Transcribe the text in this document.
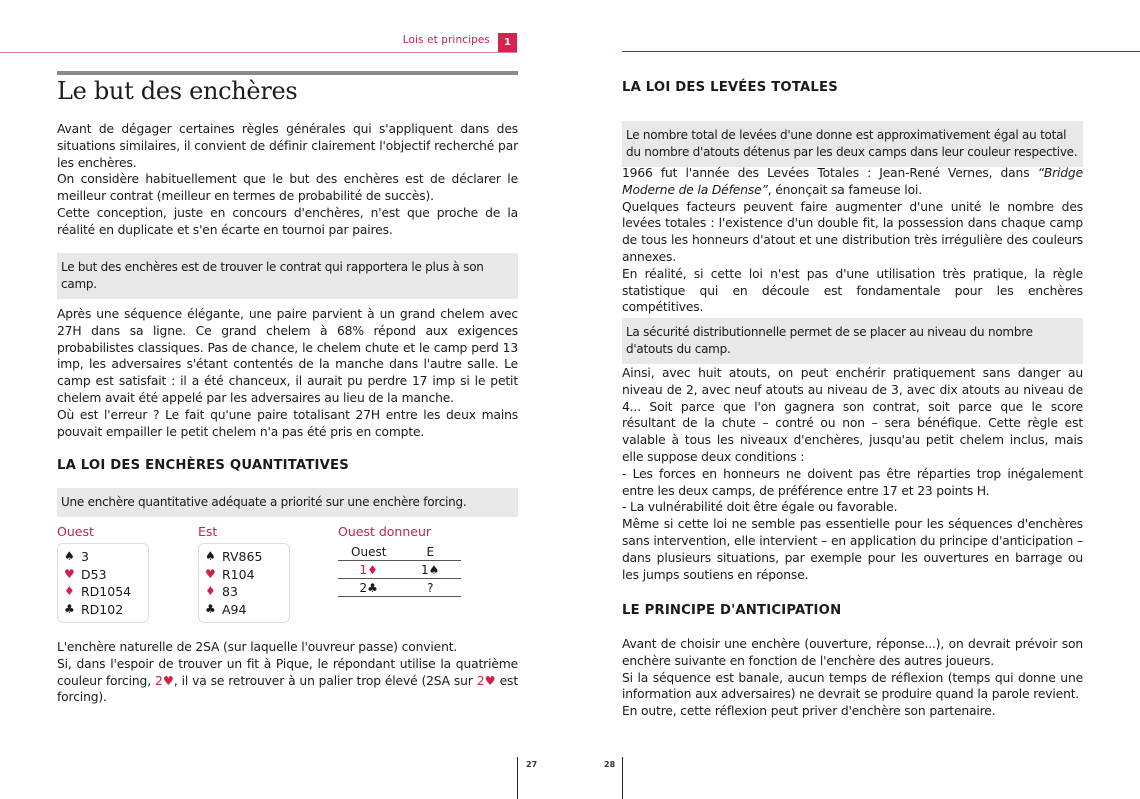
Lois et principes	1
Le but des enchères

Avant de dégager certaines règles générales qui s'appliquent dans des situations similaires, il convient de définir clairement l'objectif recherché par les enchères.
On considère habituellement que le but des enchères est de déclarer le meilleur contrat (meilleur en termes de probabilité de succès).
Cette conception, juste en concours d'enchères, n'est que proche de la réalité en duplicate et s'en écarte en tournoi par paires.

Le but des enchères est de trouver le contrat qui rapportera le plus à son camp.

Après une séquence élégante, une paire parvient à un grand chelem avec 27H dans sa ligne. Ce grand chelem à 68% répond aux exigences probabilistes classiques. Pas de chance, le chelem chute et le camp perd 13 imp, les adversaires s'étant contentés de la manche dans l'autre salle. Le camp est satisfait : il a été chanceux, il aurait pu perdre 17 imp si le petit chelem avait été appelé par les adversaires au lieu de la manche.
Où est l'erreur ? Le fait qu'une paire totalisant 27H entre les deux mains pouvait empailler le petit chelem n'a pas été pris en compte.

LA LOI DES ENCHÈRES QUANTITATIVES
Une enchère quantitative adéquate a priorité sur une enchère forcing.
Ouest
♠ 3
♥ D53
♦ RD1054
♣ RD102
Est
♠ RV865
♥ R104
♦ 83
♣ A94
Ouest donneur
Ouest	E
1♦	1♠
2♣	?

L'enchère naturelle de 2SA (sur laquelle l'ouvreur passe) convient.
Si, dans l'espoir de trouver un fit à Pique, le répondant utilise la quatrième couleur forcing, 2♥, il va se retrouver à un palier trop élevé (2SA sur 2♥ est forcing).

27
LA LOI DES LEVÉES TOTALES
Le nombre total de levées d'une donne est approximativement égal au total du nombre d'atouts détenus par les deux camps dans leur couleur respective.

1966 fut l'année des Levées Totales : Jean-René Vernes, dans “Bridge Moderne de la Défense”, énonçait sa fameuse loi.
Quelques facteurs peuvent faire augmenter d'une unité le nombre des levées totales : l'existence d'un double fit, la possession dans chaque camp de tous les honneurs d'atout et une distribution très irrégulière des couleurs annexes.
En réalité, si cette loi n'est pas d'une utilisation très pratique, la règle statistique qui en découle est fondamentale pour les enchères compétitives.

La sécurité distributionnelle permet de se placer au niveau du nombre d'atouts du camp.

Ainsi, avec huit atouts, on peut enchérir pratiquement sans danger au niveau de 2, avec neuf atouts au niveau de 3, avec dix atouts au niveau de 4... Soit parce que l'on gagnera son contrat, soit parce que le score résultant de la chute – contré ou non – sera bénéfique. Cette règle est valable à tous les niveaux d'enchères, jusqu'au petit chelem inclus, mais elle suppose deux conditions :
- Les forces en honneurs ne doivent pas être réparties trop inégalement entre les deux camps, de préférence entre 17 et 23 points H.
- La vulnérabilité doit être égale ou favorable.
Même si cette loi ne semble pas essentielle pour les séquences d'enchères sans intervention, elle intervient – en application du principe d'anticipation – dans plusieurs situations, par exemple pour les ouvertures en barrage ou les jumps soutiens en réponse.

LE PRINCIPE D'ANTICIPATION

Avant de choisir une enchère (ouverture, réponse...), on devrait prévoir son enchère suivante en fonction de l'enchère des autres joueurs.
Si la séquence est banale, aucun temps de réflexion (temps qui donne une information aux adversaires) ne devrait se produire quand la parole revient.
En outre, cette réflexion peut priver d'enchère son partenaire.

28
